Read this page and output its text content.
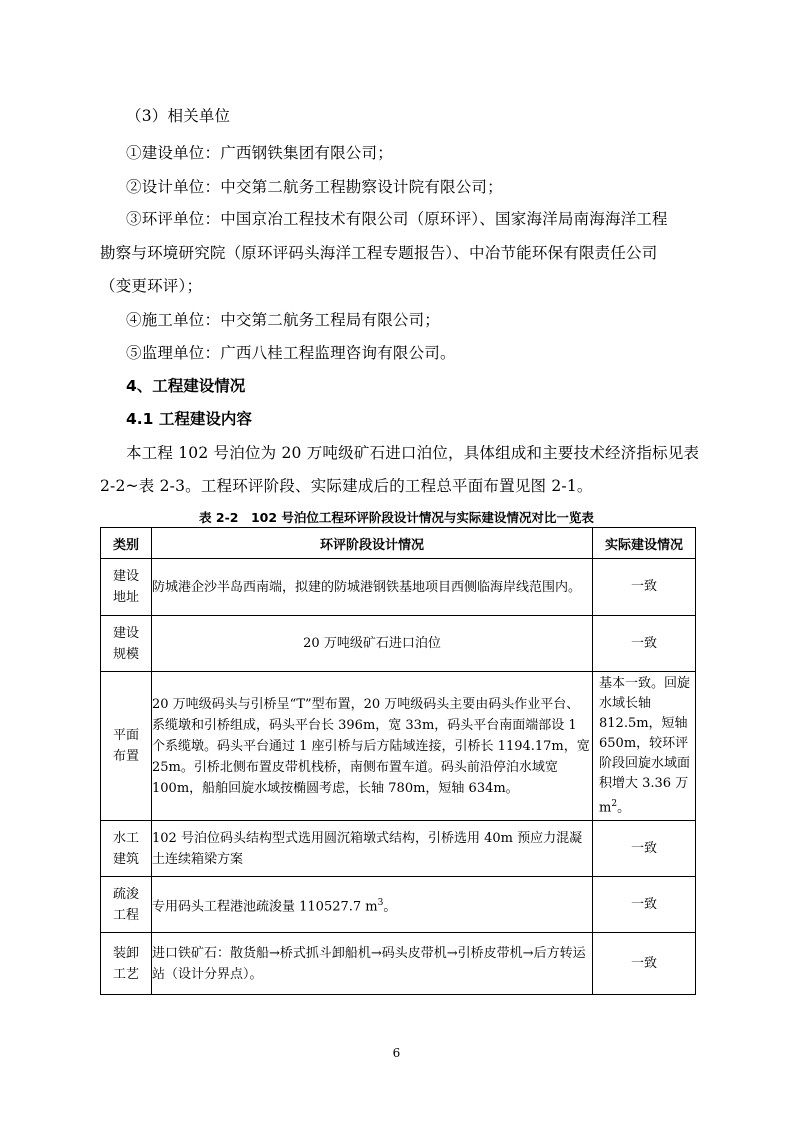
（3）相关单位
①建设单位：广西钢铁集团有限公司；
②设计单位：中交第二航务工程勘察设计院有限公司；
③环评单位：中国京冶工程技术有限公司（原环评）、国家海洋局南海海洋工程
勘察与环境研究院（原环评码头海洋工程专题报告）、中冶节能环保有限责任公司
（变更环评）；
④施工单位：中交第二航务工程局有限公司；
⑤监理单位：广西八桂工程监理咨询有限公司。
4、工程建设情况
4.1 工程建设内容
本工程 102 号泊位为 20 万吨级矿石进口泊位，具体组成和主要技术经济指标见表
2-2~表 2-3。工程环评阶段、实际建成后的工程总平面布置见图 2-1。
表 2-2　102 号泊位工程环评阶段设计情况与实际建设情况对比一览表
类别	环评阶段设计情况	实际建设情况
建设
地址	防城港企沙半岛西南端，拟建的防城港钢铁基地项目西侧临海岸线范围内。	一致
建设
规模	20 万吨级矿石进口泊位	一致
平面
布置	20 万吨级码头与引桥呈“T”型布置，20 万吨级码头主要由码头作业平台、系缆墩和引桥组成，码头平台长 396m，宽 33m，码头平台南面端部设 1 个系缆墩。码头平台通过 1 座引桥与后方陆域连接，引桥长 1194.17m，宽 25m。引桥北侧布置皮带机栈桥，南侧布置车道。码头前沿停泊水域宽 100m，船舶回旋水域按椭圆考虑，长轴 780m，短轴 634m。	基本一致。回旋水域长轴 812.5m，短轴 650m，较环评阶段回旋水域面积增大 3.36 万 $m^2$。
水工
建筑	102 号泊位码头结构型式选用圆沉箱墩式结构，引桥选用 40m 预应力混凝土连续箱梁方案	一致
疏浚
工程	专用码头工程港池疏浚量 110527.7 $m^3$。	一致
装卸
工艺	进口铁矿石：散货船→桥式抓斗卸船机→码头皮带机→引桥皮带机→后方转运站（设计分界点）。	一致
6
